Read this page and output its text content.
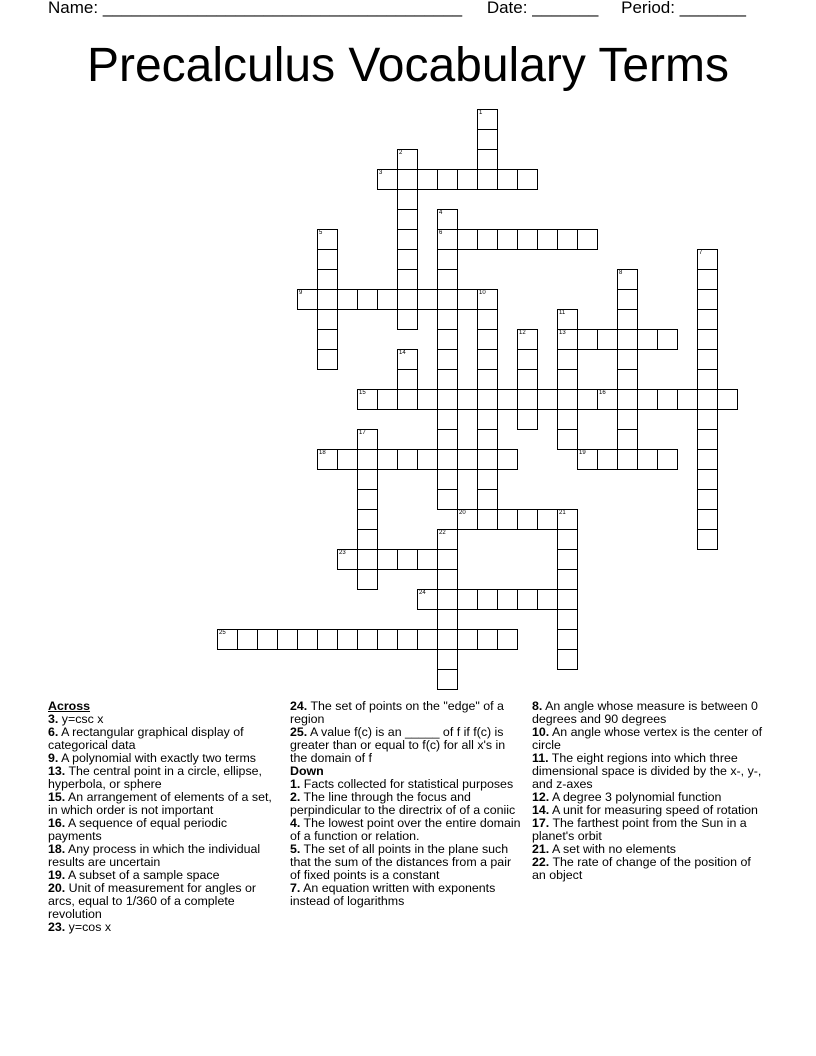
Name: ______________________________________ Date: _______ Period: _______
Precalculus Vocabulary Terms
3
6
9	10
13
15	16
18	19
20	21
23
24
25
1
2
4
5
7
8
11
12
14
17
22

Across

3. y=csc x

6. A rectangular graphical display of categorical data

9. A polynomial with exactly two terms

13. The central point in a circle, ellipse, hyperbola, or sphere

15. An arrangement of elements of a set, in which order is not important

16. A sequence of equal periodic payments

18. Any process in which the individual results are uncertain

19. A subset of a sample space

20. Unit of measurement for angles or arcs, equal to 1/360 of a complete revolution

23. y=cos x

24. The set of points on the "edge" of a region

25. A value f(c) is an _____ of f if f(c) is greater than or equal to f(c) for all x's in the domain of f

Down

1. Facts collected for statistical purposes

2. The line through the focus and perpindicular to the directrix of of a coniic

4. The lowest point over the entire domain of a function or relation.

5. The set of all points in the plane such that the sum of the distances from a pair of fixed points is a constant

7. An equation written with exponents instead of logarithms

8. An angle whose measure is between 0 degrees and 90 degrees

10. An angle whose vertex is the center of circle

11. The eight regions into which three dimensional space is divided by the x-, y-, and z-axes

12. A degree 3 polynomial function

14. A unit for measuring speed of rotation

17. The farthest point from the Sun in a planet's orbit

21. A set with no elements

22. The rate of change of the position of an object
